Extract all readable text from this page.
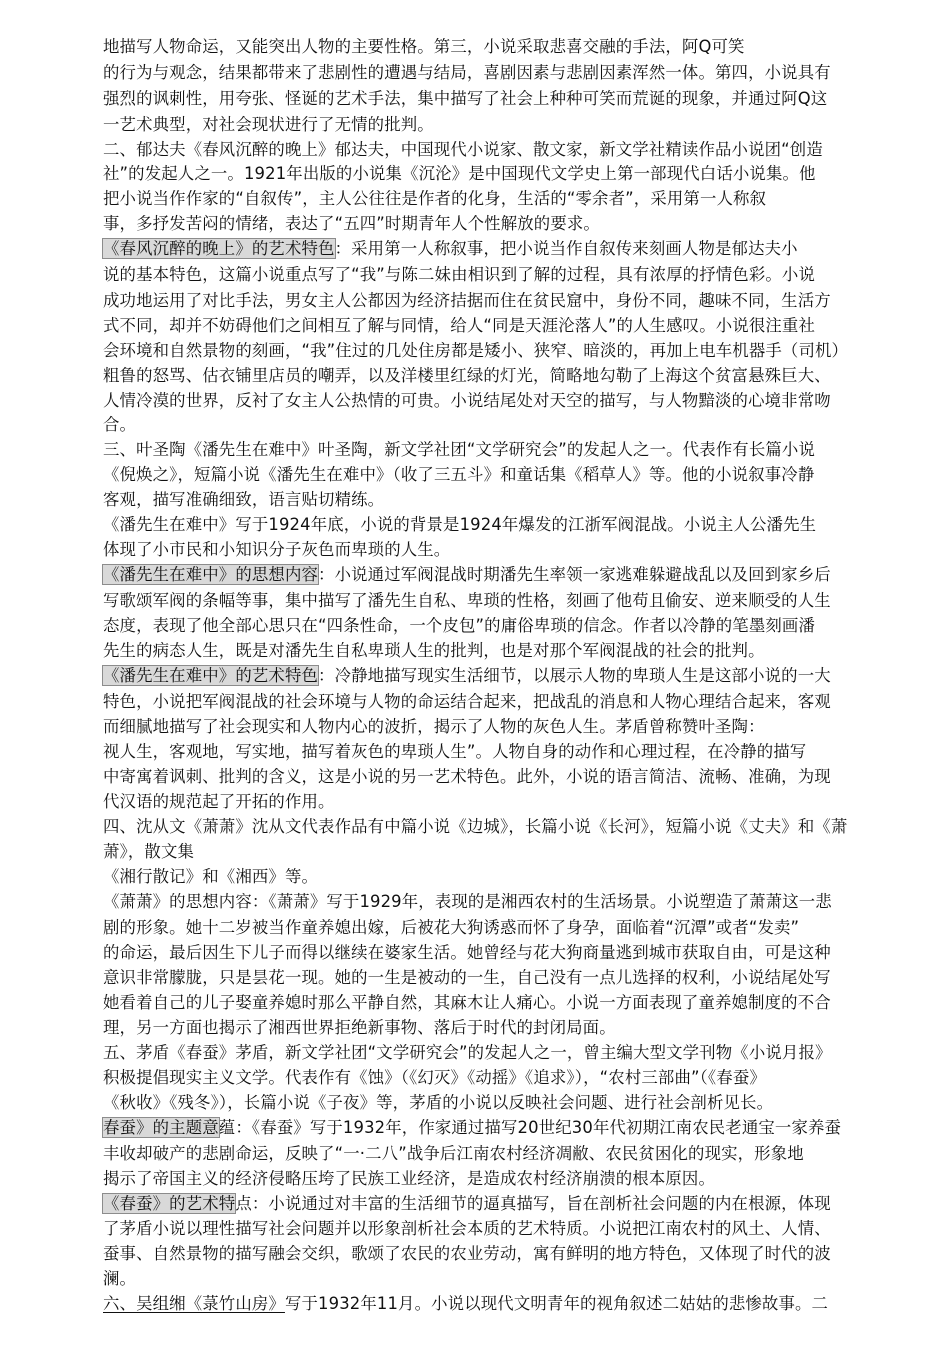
地描写人物命运，又能突出人物的主要性格。第三，小说采取悲喜交融的手法，阿Q可笑
的行为与观念，结果都带来了悲剧性的遭遇与结局，喜剧因素与悲剧因素浑然一体。第四，小说具有
强烈的讽刺性，用夸张、怪诞的艺术手法，集中描写了社会上种种可笑而荒诞的现象，并通过阿Q这
一艺术典型，对社会现状进行了无情的批判。
二、郁达夫《春风沉醉的晚上》郁达夫，中国现代小说家、散文家，新文学社精读作品小说团“创造
社”的发起人之一。1921年出版的小说集《沉沦》是中国现代文学史上第一部现代白话小说集。他
把小说当作作家的“自叙传”，主人公往往是作者的化身，生活的“零余者”，采用第一人称叙
事，多抒发苦闷的情绪，表达了“五四”时期青年人个性解放的要求。
《春风沉醉的晚上》的艺术特色：采用第一人称叙事，把小说当作自叙传来刻画人物是郁达夫小
说的基本特色，这篇小说重点写了“我”与陈二妹由相识到了解的过程，具有浓厚的抒情色彩。小说
成功地运用了对比手法，男女主人公都因为经济拮据而住在贫民窟中，身份不同，趣味不同，生活方
式不同，却并不妨碍他们之间相互了解与同情，给人“同是天涯沦落人”的人生感叹。小说很注重社
会环境和自然景物的刻画，“我”住过的几处住房都是矮小、狭窄、暗淡的，再加上电车机器手（司机）
粗鲁的怒骂、估衣铺里店员的嘲弄，以及洋楼里红绿的灯光，简略地勾勒了上海这个贫富悬殊巨大、
人情冷漠的世界，反衬了女主人公热情的可贵。小说结尾处对天空的描写，与人物黯淡的心境非常吻
合。
三、叶圣陶《潘先生在难中》叶圣陶，新文学社团“文学研究会”的发起人之一。代表作有长篇小说
《倪焕之》，短篇小说《潘先生在难中》（收了三五斗》和童话集《稻草人》等。他的小说叙事冷静
客观，描写准确细致，语言贴切精练。
《潘先生在难中》写于1924年底，小说的背景是1924年爆发的江浙军阀混战。小说主人公潘先生
体现了小市民和小知识分子灰色而卑琐的人生。
《潘先生在难中》的思想内容：小说通过军阀混战时期潘先生率领一家逃难躲避战乱以及回到家乡后
写歌颂军阀的条幅等事，集中描写了潘先生自私、卑琐的性格，刻画了他苟且偷安、逆来顺受的人生
态度，表现了他全部心思只在“四条性命，一个皮包”的庸俗卑琐的信念。作者以冷静的笔墨刻画潘
先生的病态人生，既是对潘先生自私卑琐人生的批判，也是对那个军阀混战的社会的批判。
《潘先生在难中》的艺术特色：冷静地描写现实生活细节，以展示人物的卑琐人生是这部小说的一大
特色，小说把军阀混战的社会环境与人物的命运结合起来，把战乱的消息和人物心理结合起来，客观
而细腻地描写了社会现实和人物内心的波折，揭示了人物的灰色人生。茅盾曾称赞叶圣陶：
视人生，客观地，写实地，描写着灰色的卑琐人生”。人物自身的动作和心理过程，在冷静的描写
中寄寓着讽刺、批判的含义，这是小说的另一艺术特色。此外，小说的语言简洁、流畅、准确，为现
代汉语的规范起了开拓的作用。
四、沈从文《萧萧》沈从文代表作品有中篇小说《边城》，长篇小说《长河》，短篇小说《丈夫》和《萧
萧》，散文集
《湘行散记》和《湘西》等。
《萧萧》的思想内容：《萧萧》写于1929年，表现的是湘西农村的生活场景。小说塑造了萧萧这一悲
剧的形象。她十二岁被当作童养媳出嫁，后被花大狗诱惑而怀了身孕，面临着“沉潭”或者“发卖”
的命运，最后因生下儿子而得以继续在婆家生活。她曾经与花大狗商量逃到城市获取自由，可是这种
意识非常朦胧，只是昙花一现。她的一生是被动的一生，自己没有一点儿选择的权利，小说结尾处写
她看着自己的儿子娶童养媳时那么平静自然，其麻木让人痛心。小说一方面表现了童养媳制度的不合
理，另一方面也揭示了湘西世界拒绝新事物、落后于时代的封闭局面。
五、茅盾《春蚕》茅盾，新文学社团“文学研究会”的发起人之一，曾主编大型文学刊物《小说月报》
积极提倡现实主义文学。代表作有《蚀》（《幻灭》《动摇》《追求》），“农村三部曲”（《春蚕》
《秋收》《残冬》），长篇小说《子夜》等，茅盾的小说以反映社会问题、进行社会剖析见长。
春蚕》的主题意蕴：《春蚕》写于1932年，作家通过描写20世纪30年代初期江南农民老通宝一家养蚕
丰收却破产的悲剧命运，反映了“一·二八”战争后江南农村经济凋敝、农民贫困化的现实，形象地
揭示了帝国主义的经济侵略压垮了民族工业经济，是造成农村经济崩溃的根本原因。
《春蚕》的艺术特点：小说通过对丰富的生活细节的逼真描写，旨在剖析社会问题的内在根源，体现
了茅盾小说以理性描写社会问题并以形象剖析社会本质的艺术特质。小说把江南农村的风土、人情、
蚕事、自然景物的描写融会交织，歌颂了农民的农业劳动，寓有鲜明的地方特色，又体现了时代的波
澜。
六、吴组缃《菉竹山房》写于1932年11月。小说以现代文明青年的视角叙述二姑姑的悲惨故事。二
